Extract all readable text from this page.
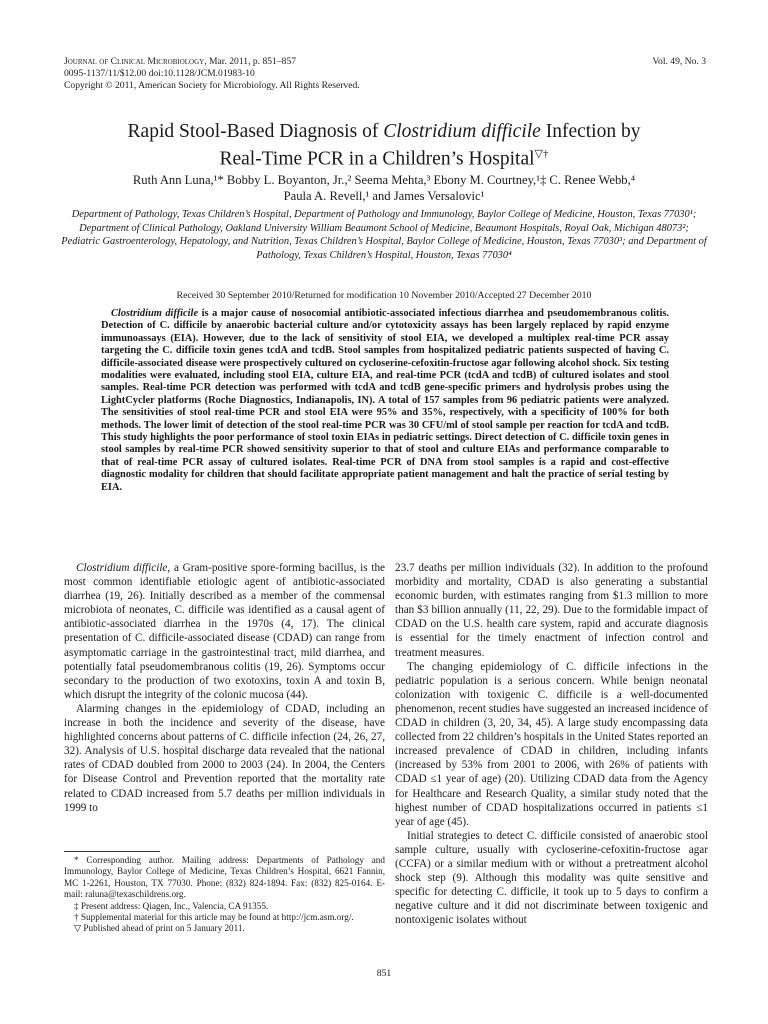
Journal of Clinical Microbiology, Mar. 2011, p. 851–857
0095-1137/11/$12.00 doi:10.1128/JCM.01983-10
Copyright © 2011, American Society for Microbiology. All Rights Reserved.
Vol. 49, No. 3
Rapid Stool-Based Diagnosis of Clostridium difficile Infection by
Real-Time PCR in a Children’s Hospital▽†
Ruth Ann Luna,¹* Bobby L. Boyanton, Jr.,² Seema Mehta,³ Ebony M. Courtney,¹‡ C. Renee Webb,⁴
Paula A. Revell,¹ and James Versalovic¹
Department of Pathology, Texas Children’s Hospital, Department of Pathology and Immunology, Baylor College of Medicine, Houston, Texas 77030¹; Department of Clinical Pathology, Oakland University William Beaumont School of Medicine, Beaumont Hospitals, Royal Oak, Michigan 48073²; Pediatric Gastroenterology, Hepatology, and Nutrition, Texas Children’s Hospital, Baylor College of Medicine, Houston, Texas 77030³; and Department of Pathology, Texas Children’s Hospital, Houston, Texas 77030⁴
Received 30 September 2010/Returned for modification 10 November 2010/Accepted 27 December 2010

Clostridium difficile is a major cause of nosocomial antibiotic-associated infectious diarrhea and pseudomembranous colitis. Detection of C. difficile by anaerobic bacterial culture and/or cytotoxicity assays has been largely replaced by rapid enzyme immunoassays (EIA). However, due to the lack of sensitivity of stool EIA, we developed a multiplex real-time PCR assay targeting the C. difficile toxin genes tcdA and tcdB. Stool samples from hospitalized pediatric patients suspected of having C. difficile-associated disease were prospectively cultured on cycloserine-cefoxitin-fructose agar following alcohol shock. Six testing modalities were evaluated, including stool EIA, culture EIA, and real-time PCR (tcdA and tcdB) of cultured isolates and stool samples. Real-time PCR detection was performed with tcdA and tcdB gene-specific primers and hydrolysis probes using the LightCycler platforms (Roche Diagnostics, Indianapolis, IN). A total of 157 samples from 96 pediatric patients were analyzed. The sensitivities of stool real-time PCR and stool EIA were 95% and 35%, respectively, with a specificity of 100% for both methods. The lower limit of detection of the stool real-time PCR was 30 CFU/ml of stool sample per reaction for tcdA and tcdB. This study highlights the poor performance of stool toxin EIAs in pediatric settings. Direct detection of C. difficile toxin genes in stool samples by real-time PCR showed sensitivity superior to that of stool and culture EIAs and performance comparable to that of real-time PCR assay of cultured isolates. Real-time PCR of DNA from stool samples is a rapid and cost-effective diagnostic modality for children that should facilitate appropriate patient management and halt the practice of serial testing by EIA.

Clostridium difficile, a Gram-positive spore-forming bacillus, is the most common identifiable etiologic agent of antibiotic-associated diarrhea (19, 26). Initially described as a member of the commensal microbiota of neonates, C. difficile was identified as a causal agent of antibiotic-associated diarrhea in the 1970s (4, 17). The clinical presentation of C. difficile-associated disease (CDAD) can range from asymptomatic carriage in the gastrointestinal tract, mild diarrhea, and potentially fatal pseudomembranous colitis (19, 26). Symptoms occur secondary to the production of two exotoxins, toxin A and toxin B, which disrupt the integrity of the colonic mucosa (44).

Alarming changes in the epidemiology of CDAD, including an increase in both the incidence and severity of the disease, have highlighted concerns about patterns of C. difficile infection (24, 26, 27, 32). Analysis of U.S. hospital discharge data revealed that the national rates of CDAD doubled from 2000 to 2003 (24). In 2004, the Centers for Disease Control and Prevention reported that the mortality rate related to CDAD increased from 5.7 deaths per million individuals in 1999 to

23.7 deaths per million individuals (32). In addition to the profound morbidity and mortality, CDAD is also generating a substantial economic burden, with estimates ranging from $1.3 million to more than $3 billion annually (11, 22, 29). Due to the formidable impact of CDAD on the U.S. health care system, rapid and accurate diagnosis is essential for the timely enactment of infection control and treatment measures.

The changing epidemiology of C. difficile infections in the pediatric population is a serious concern. While benign neonatal colonization with toxigenic C. difficile is a well-documented phenomenon, recent studies have suggested an increased incidence of CDAD in children (3, 20, 34, 45). A large study encompassing data collected from 22 children’s hospitals in the United States reported an increased prevalence of CDAD in children, including infants (increased by 53% from 2001 to 2006, with 26% of patients with CDAD ≤1 year of age) (20). Utilizing CDAD data from the Agency for Healthcare and Research Quality, a similar study noted that the highest number of CDAD hospitalizations occurred in patients ≤1 year of age (45).

Initial strategies to detect C. difficile consisted of anaerobic stool sample culture, usually with cycloserine-cefoxitin-fructose agar (CCFA) or a similar medium with or without a pretreatment alcohol shock step (9). Although this modality was quite sensitive and specific for detecting C. difficile, it took up to 5 days to confirm a negative culture and it did not discriminate between toxigenic and nontoxigenic isolates without

* Corresponding author. Mailing address: Departments of Pathology and Immunology, Baylor College of Medicine, Texas Children’s Hospital, 6621 Fannin, MC 1-2261, Houston, TX 77030. Phone: (832) 824-1894. Fax: (832) 825-0164. E-mail: raluna@texaschildrens.org.

‡ Present address: Qiagen, Inc., Valencia, CA 91355.

† Supplemental material for this article may be found at http://jcm.asm.org/.

▽ Published ahead of print on 5 January 2011.

851
